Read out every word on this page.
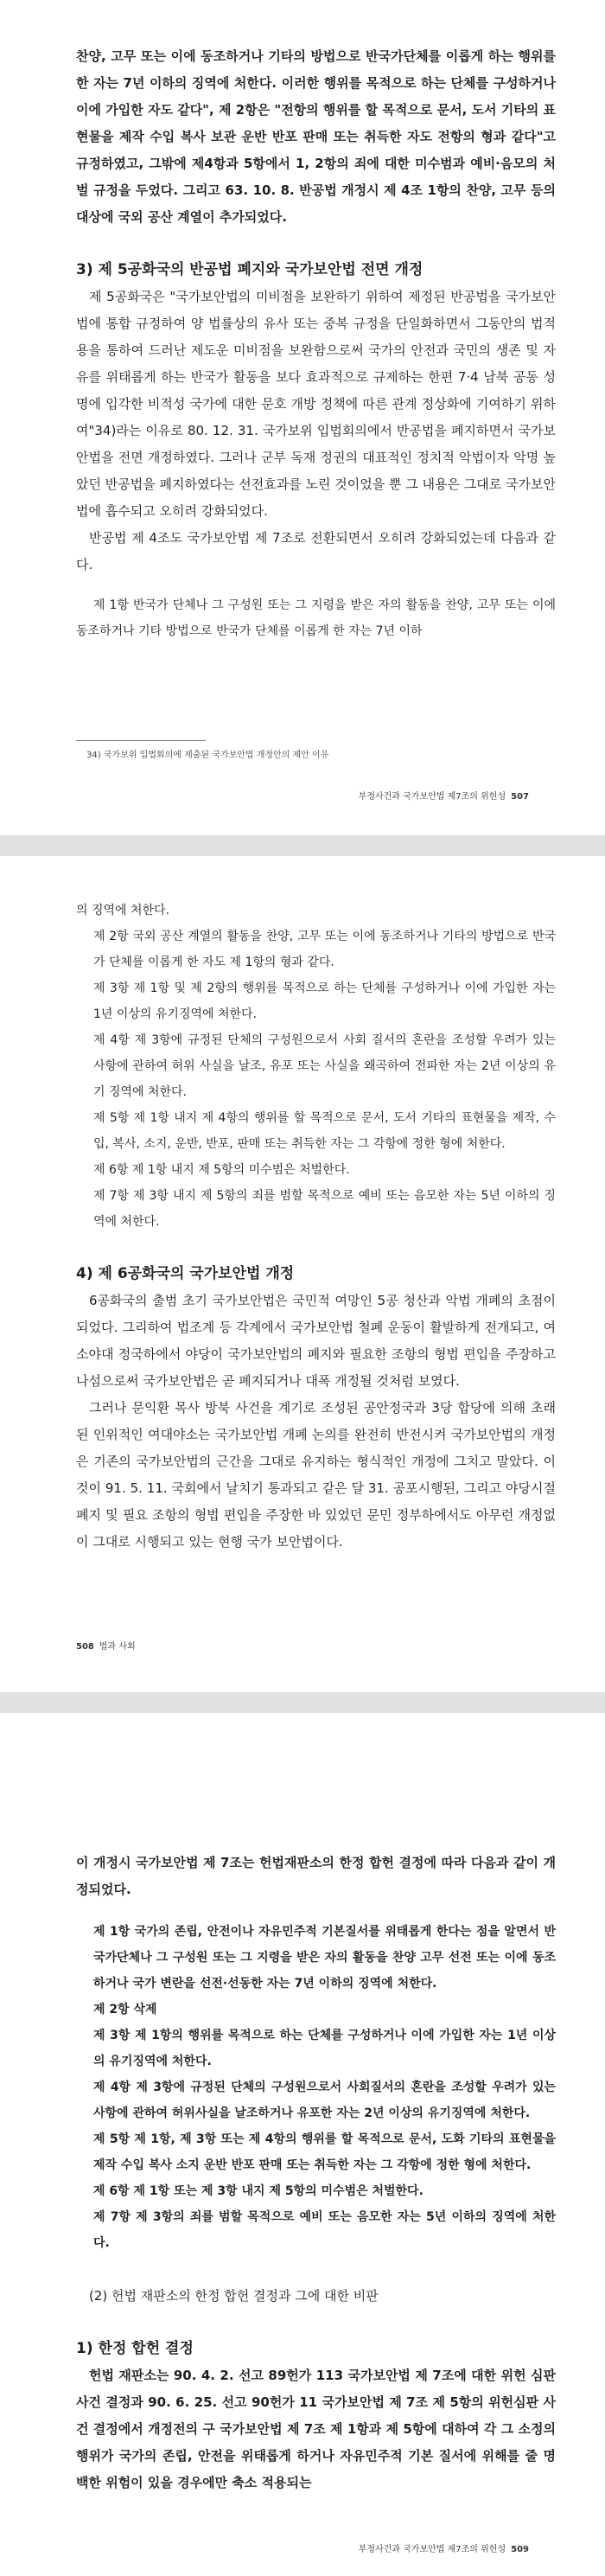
찬양, 고무 또는 이에 동조하거나 기타의 방법으로 반국가단체를 이롭게 하는 행위를 한 자는 7년 이하의 징역에 처한다. 이러한 행위를 목적으로 하는 단체를 구성하거나 이에 가입한 자도 같다", 제 2항은 "전항의 행위를 할 목적으로 문서, 도서 기타의 표현물을 제작 수입 복사 보관 운반 반포 판매 또는 취득한 자도 전항의 형과 같다"고 규정하였고, 그밖에 제4항과 5항에서 1, 2항의 죄에 대한 미수범과 예비·음모의 처벌 규정을 두었다. 그리고 63. 10. 8. 반공법 개정시 제 4조 1항의 찬양, 고무 등의 대상에 국외 공산 계열이 추가되었다.

3) 제 5공화국의 반공법 폐지와 국가보안법 전면 개정

제 5공화국은 "국가보안법의 미비점을 보완하기 위하여 제정된 반공법을 국가보안법에 통합 규정하여 양 법률상의 유사 또는 중복 규정을 단일화하면서 그동안의 법적용을 통하여 드러난 제도운 미비점을 보완함으로써 국가의 안전과 국민의 생존 및 자유를 위태롭게 하는 반국가 활동을 보다 효과적으로 규제하는 한편 7·4 남북 공동 성명에 입각한 비적성 국가에 대한 문호 개방 정책에 따른 관계 정상화에 기여하기 위하여"34)라는 이유로 80. 12. 31. 국가보위 입법회의에서 반공법을 폐지하면서 국가보안법을 전면 개정하였다. 그러나 군부 독재 정권의 대표적인 정치적 악법이자 악명 높았던 반공법을 폐지하였다는 선전효과를 노린 것이었을 뿐 그 내용은 그대로 국가보안법에 흡수되고 오히려 강화되었다.

반공법 제 4조도 국가보안법 제 7조로 전환되면서 오히려 강화되었는데 다음과 같다.

제 1항 반국가 단체나 그 구성원 또는 그 지령을 받은 자의 활동을 찬양, 고무 또는 이에 동조하거나 기타 방법으로 반국가 단체를 이롭게 한 자는 7년 이하

34) 국가보위 입법회의에 제출된 국가보안법 개정안의 제안 이유
부정사건과 국가보안법 제7조의 위헌성 507

의 징역에 처한다.

제 2항 국외 공산 계열의 활동을 찬양, 고무 또는 이에 동조하거나 기타의 방법으로 반국가 단체를 이롭게 한 자도 제 1항의 형과 같다.

제 3항 제 1항 및 제 2항의 행위를 목적으로 하는 단체를 구성하거나 이에 가입한 자는 1년 이상의 유기징역에 처한다.

제 4항 제 3항에 규정된 단체의 구성원으로서 사회 질서의 혼란을 조성할 우려가 있는 사항에 관하여 허위 사실을 날조, 유포 또는 사실을 왜곡하여 전파한 자는 2년 이상의 유기 징역에 처한다.

제 5항 제 1항 내지 제 4항의 행위를 할 목적으로 문서, 도서 기타의 표현물을 제작, 수입, 복사, 소지, 운반, 반포, 판매 또는 취득한 자는 그 각항에 정한 형에 처한다.

제 6항 제 1항 내지 제 5항의 미수범은 처벌한다.

제 7항 제 3항 내지 제 5항의 죄를 범할 목적으로 예비 또는 음모한 자는 5년 이하의 징역에 처한다.

4) 제 6공화국의 국가보안법 개정

6공화국의 출범 초기 국가보안법은 국민적 여망인 5공 청산과 악법 개폐의 초점이 되었다. 그리하여 법조계 등 각계에서 국가보안법 철폐 운동이 활발하게 전개되고, 여소야대 정국하에서 야당이 국가보안법의 폐지와 필요한 조항의 형법 편입을 주장하고 나섬으로써 국가보안법은 곧 폐지되거나 대폭 개정될 것처럼 보였다.

그러나 문익환 목사 방북 사건을 계기로 조성된 공안정국과 3당 합당에 의해 초래된 인위적인 여대야소는 국가보안법 개폐 논의를 완전히 반전시켜 국가보안법의 개정은 기존의 국가보안법의 근간을 그대로 유지하는 형식적인 개정에 그치고 말았다. 이것이 91. 5. 11. 국회에서 날치기 통과되고 같은 달 31. 공포시행된, 그리고 야당시절 폐지 및 필요 조항의 형법 편입을 주장한 바 있었던 문민 정부하에서도 아무런 개정없이 그대로 시행되고 있는 현행 국가 보안법이다.

508 법과 사회

이 개정시 국가보안법 제 7조는 헌법재판소의 한정 합헌 결정에 따라 다음과 같이 개정되었다.

제 1항 국가의 존립, 안전이나 자유민주적 기본질서를 위태롭게 한다는 점을 알면서 반국가단체나 그 구성원 또는 그 지령을 받은 자의 활동을 찬양 고무 선전 또는 이에 동조하거나 국가 변란을 선전·선동한 자는 7년 이하의 징역에 처한다.

제 2항 삭제

제 3항 제 1항의 행위를 목적으로 하는 단체를 구성하거나 이에 가입한 자는 1년 이상의 유기징역에 처한다.

제 4항 제 3항에 규정된 단체의 구성원으로서 사회질서의 혼란을 조성할 우려가 있는 사항에 관하여 허위사실을 날조하거나 유포한 자는 2년 이상의 유기징역에 처한다.

제 5항 제 1항, 제 3항 또는 제 4항의 행위를 할 목적으로 문서, 도화 기타의 표현물을 제작 수입 복사 소지 운반 반포 판매 또는 취득한 자는 그 각항에 정한 형에 처한다.

제 6항 제 1항 또는 제 3항 내지 제 5항의 미수범은 처벌한다.

제 7항 제 3항의 죄를 범할 목적으로 예비 또는 음모한 자는 5년 이하의 징역에 처한다.

(2) 헌법 재판소의 한정 합헌 결정과 그에 대한 비판

1) 한정 합헌 결정

헌법 재판소는 90. 4. 2. 선고 89헌가 113 국가보안법 제 7조에 대한 위헌 심판 사건 결정과 90. 6. 25. 선고 90헌가 11 국가보안법 제 7조 제 5항의 위헌심판 사건 결정에서 개정전의 구 국가보안법 제 7조 제 1항과 제 5항에 대하여 각 그 소정의 행위가 국가의 존립, 안전을 위태롭게 하거나 자유민주적 기본 질서에 위해를 줄 명백한 위험이 있을 경우에만 축소 적용되는

부정사건과 국가보안법 제7조의 위헌성 509
